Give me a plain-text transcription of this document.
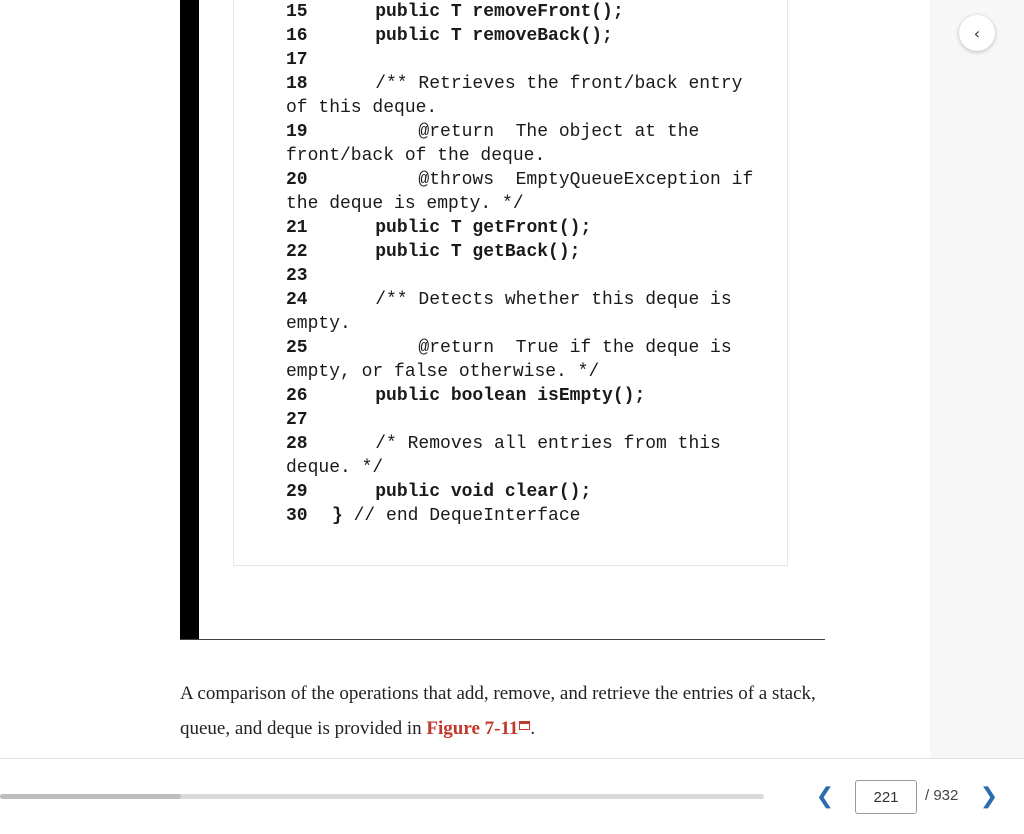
15	public T removeFront();
16	public T removeBack();
17
18    /** Retrieves the front/back entry
of this deque.
19        @return  The object at the
front/back of the deque.
20        @throws  EmptyQueueException if
the deque is empty. */
21	public T getFront();
22	public T getBack();
23
24    /** Detects whether this deque is
empty.
25        @return  True if the deque is
empty, or false otherwise. */
26	public boolean isEmpty();
27
28    /* Removes all entries from this
deque. */
29	public void clear();
30 } // end DequeInterface
A comparison of the operations that add, remove, and retrieve the entries of a stack, queue, and deque is provided in Figure 7-11 .
‹
❮
221	/ 932 ❯
